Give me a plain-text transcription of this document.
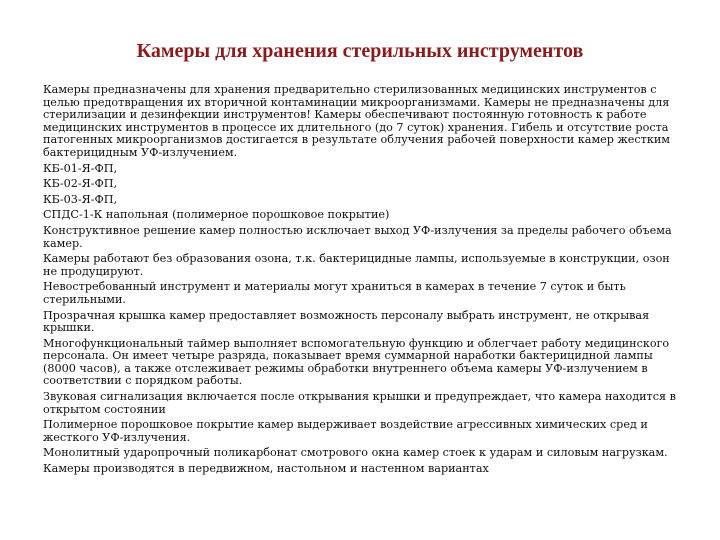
Камеры для хранения стерильных инструментов

Камеры предназначены для хранения предварительно стерилизованных медицинских инструментов с целью предотвращения их вторичной контаминации микроорганизмами. Камеры не предназначены для стерилизации и дезинфекции инструментов! Камеры обеспечивают постоянную готовность к работе медицинских инструментов в процессе их длительного (до 7 суток) хранения. Гибель и отсутствие роста патогенных микроорганизмов достигается в результате облучения рабочей поверхности камер жестким бактерицидным УФ-излучением.

КБ-01-Я-ФП,

КБ-02-Я-ФП,

КБ-03-Я-ФП,

СПДС-1-К напольная (полимерное порошковое покрытие)

Конструктивное решение камер полностью исключает выход УФ-излучения за пределы рабочего объема камер.

Камеры работают без образования озона, т.к. бактерицидные лампы, используемые в конструкции, озон не продуцируют.

Невостребованный инструмент и материалы могут храниться в камерах в течение 7 суток и быть стерильными.

Прозрачная крышка камер предоставляет возможность персоналу выбрать инструмент, не открывая крышки.

Многофункциональный таймер выполняет вспомогательную функцию и облегчает работу медицинского персонала. Он имеет четыре разряда, показывает время суммарной наработки бактерицидной лампы (8000 часов), а также отслеживает режимы обработки внутреннего объема камеры УФ-излучением в соответствии с порядком работы.

Звуковая сигнализация включается после открывания крышки и предупреждает, что камера находится в открытом состоянии

Полимерное порошковое покрытие камер выдерживает воздействие агрессивных химических сред и жесткого УФ-излучения.

Монолитный ударопрочный поликарбонат смотрового окна камер стоек к ударам и силовым нагрузкам.

Камеры производятся в передвижном, настольном и настенном вариантах
